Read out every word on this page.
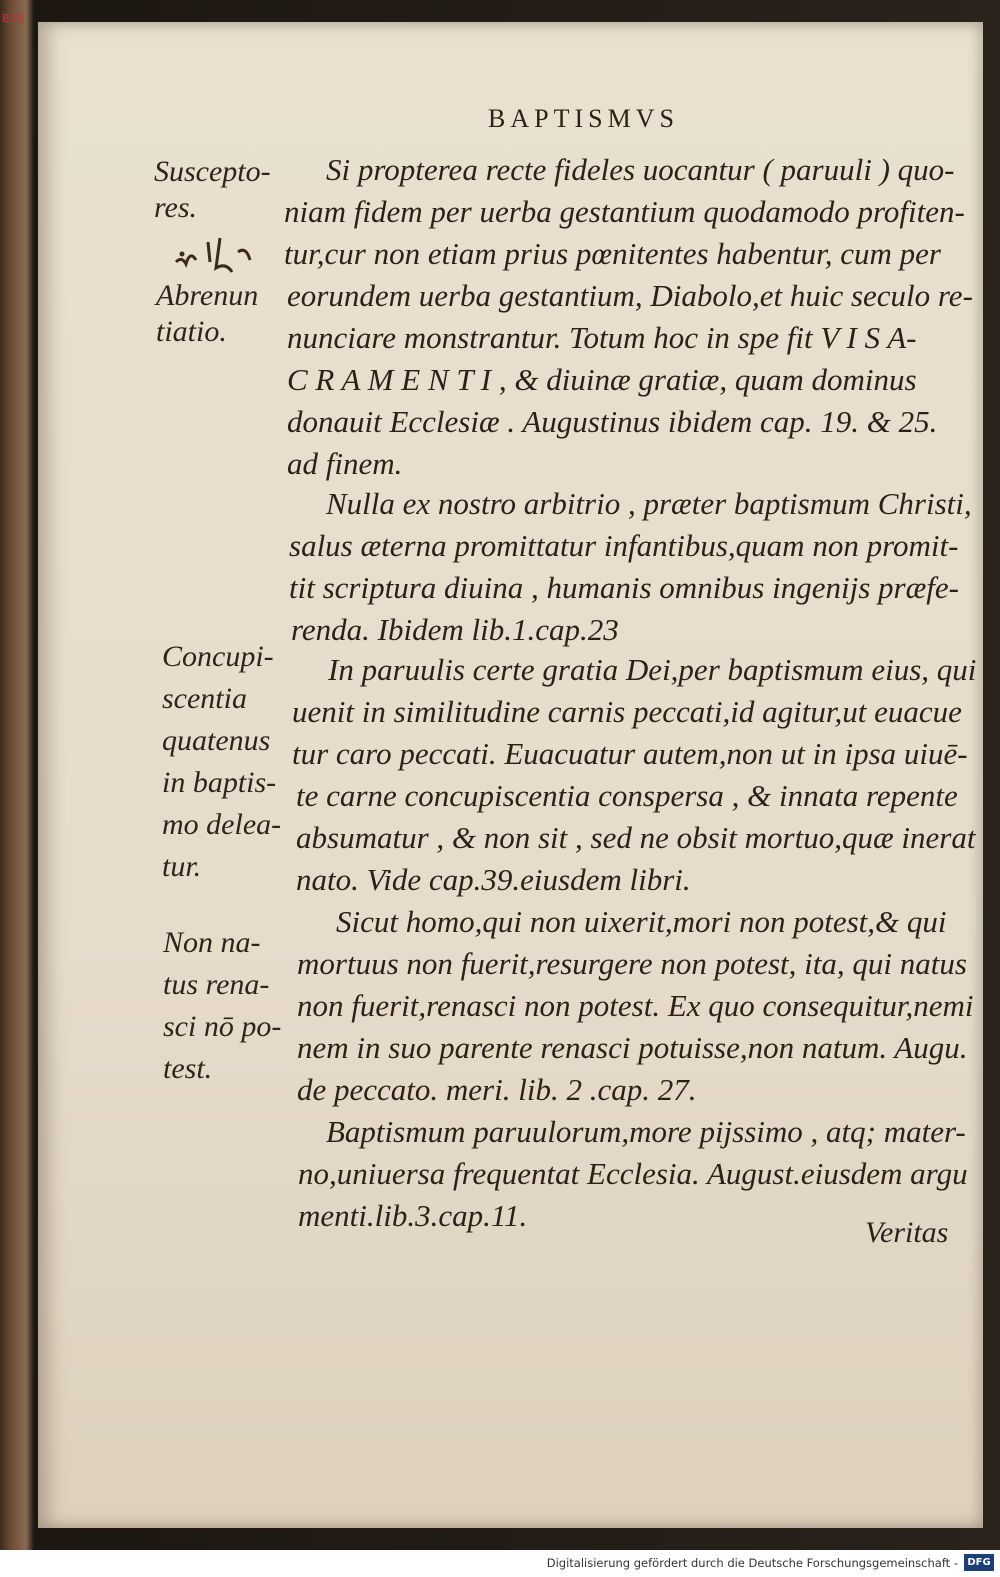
BSB
BAPTISMVS
Si propterea recte fideles uocantur ( paruuli ) quo-
niam fidem per uerba gestantium quodamodo profiten-
tur,cur non etiam prius pœnitentes habentur, cum per
eorundem uerba gestantium, Diabolo,et huic seculo re-
nunciare monstrantur. Totum hoc in spe fit V I S A-
C R A M E N T I , & diuinæ gratiæ, quam dominus
donauit Ecclesiæ . Augustinus ibidem cap. 19. & 25.
ad finem.
Nulla ex nostro arbitrio , præter baptismum Christi,
salus æterna promittatur infantibus,quam non promit-
tit scriptura diuina , humanis omnibus ingenijs præfe-
renda. Ibidem lib.1.cap.23
In paruulis certe gratia Dei,per baptismum eius, qui
uenit in similitudine carnis peccati,id agitur,ut euacue
tur caro peccati. Euacuatur autem,non ut in ipsa uiuē-
te carne concupiscentia conspersa , & innata repente
absumatur , & non sit , sed ne obsit mortuo,quæ inerat
nato. Vide cap.39.eiusdem libri.
Sicut homo,qui non uixerit,mori non potest,& qui
mortuus non fuerit,resurgere non potest, ita, qui natus
non fuerit,renasci non potest. Ex quo consequitur,nemi
nem in suo parente renasci potuisse,non natum. Augu.
de peccato. meri. lib. 2 .cap. 27.
Baptismum paruulorum,more pijssimo , atq; mater-
no,uniuersa frequentat Ecclesia. August.eiusdem argu
menti.lib.3.cap.11.
Suscepto-
res.
Abrenun
tiatio.
Concupi-
scentia
quatenus
in baptis-
mo delea-
tur.
Non na-
tus rena-
sci nō po-
test.
Veritas
Digitalisierung gefördert durch die Deutsche Forschungsgemeinschaft - DFG
